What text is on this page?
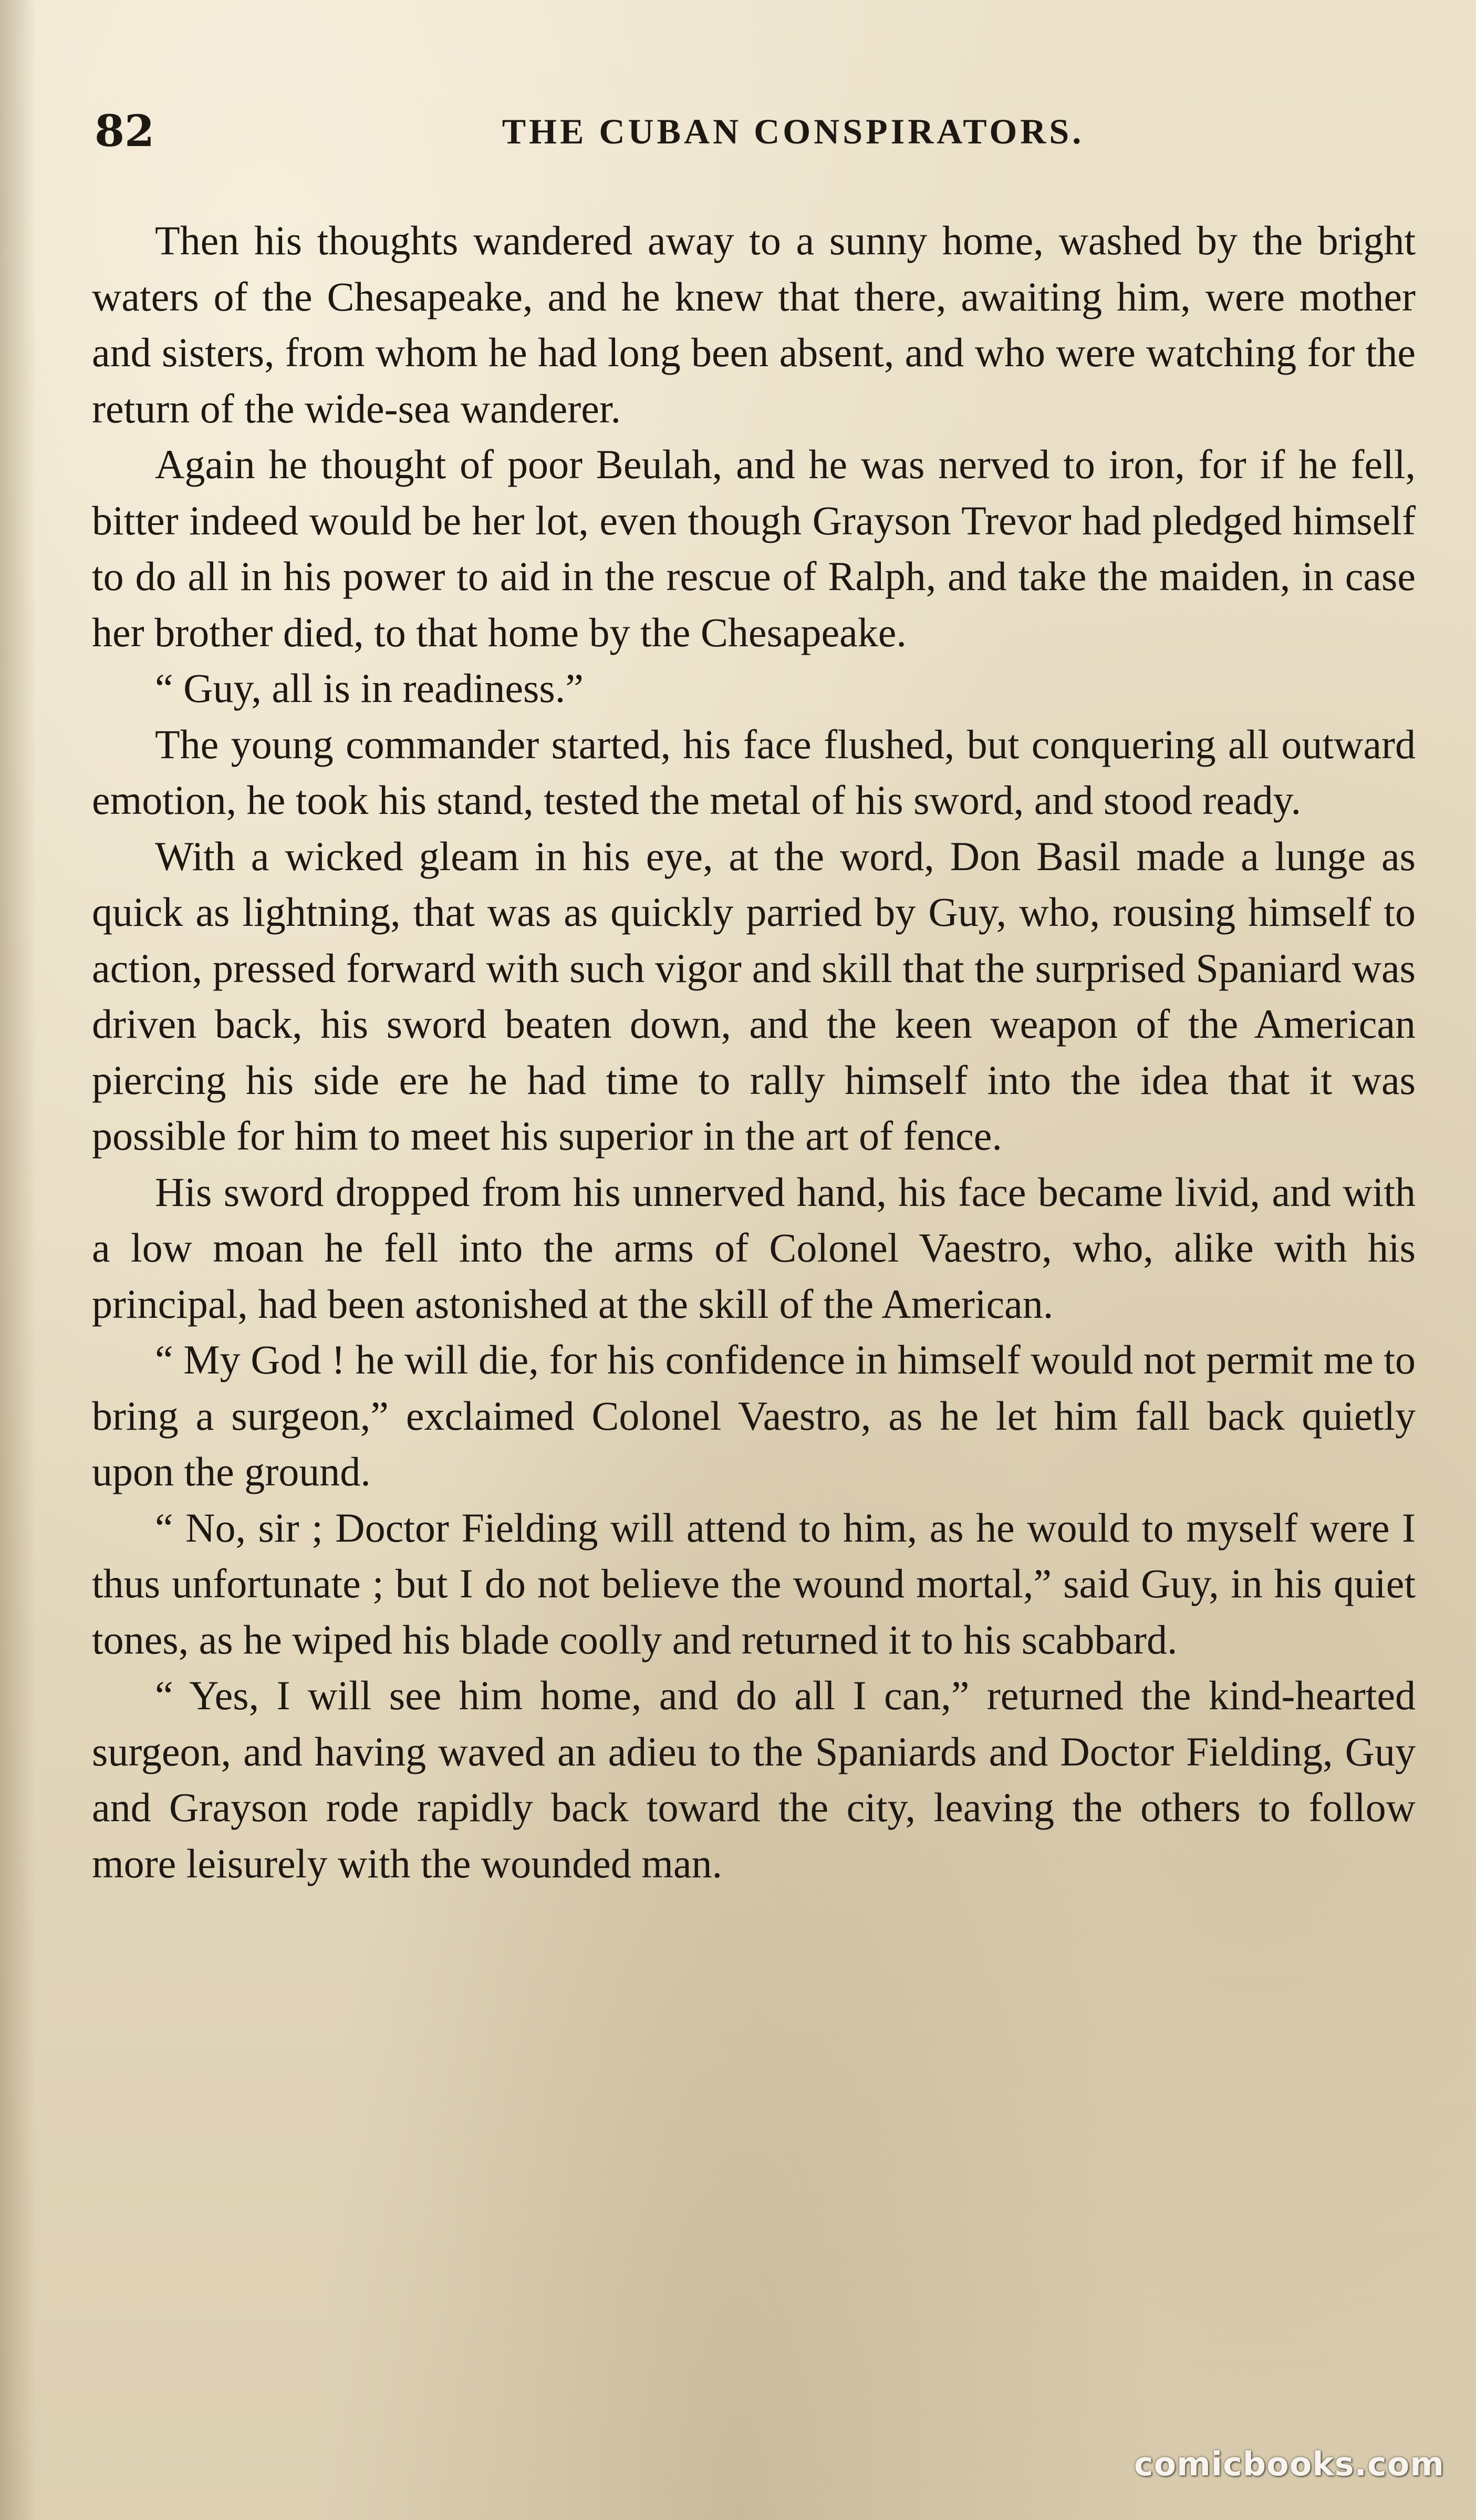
82	THE CUBAN CONSPIRATORS.

Then his thoughts wandered away to a sunny home, washed by the bright waters of the Chesapeake, and he knew that there, awaiting him, were mother and sisters, from whom he had long been absent, and who were watching for the return of the wide-sea wanderer.

Again he thought of poor Beulah, and he was nerved to iron, for if he fell, bitter indeed would be her lot, even though Grayson Trevor had pledged himself to do all in his power to aid in the rescue of Ralph, and take the maiden, in case her brother died, to that home by the Chesapeake.

“ Guy, all is in readiness.”

The young commander started, his face flushed, but conquering all outward emotion, he took his stand, tested the metal of his sword, and stood ready.

With a wicked gleam in his eye, at the word, Don Basil made a lunge as quick as lightning, that was as quickly parried by Guy, who, rousing himself to action, pressed forward with such vigor and skill that the surprised Spaniard was driven back, his sword beaten down, and the keen weapon of the American piercing his side ere he had time to rally himself into the idea that it was possible for him to meet his superior in the art of fence.

His sword dropped from his unnerved hand, his face became livid, and with a low moan he fell into the arms of Colonel Vaestro, who, alike with his principal, had been astonished at the skill of the American.

“ My God ! he will die, for his confidence in himself would not permit me to bring a surgeon,” exclaimed Colonel Vaestro, as he let him fall back quietly upon the ground.

“ No, sir ; Doctor Fielding will attend to him, as he would to myself were I thus unfortunate ; but I do not believe the wound mortal,” said Guy, in his quiet tones, as he wiped his blade coolly and returned it to his scabbard.

“ Yes, I will see him home, and do all I can,” returned the kind-hearted surgeon, and having waved an adieu to the Spaniards and Doctor Fielding, Guy and Grayson rode rapidly back toward the city, leaving the others to follow more leisurely with the wounded man.

comicbooks.com
